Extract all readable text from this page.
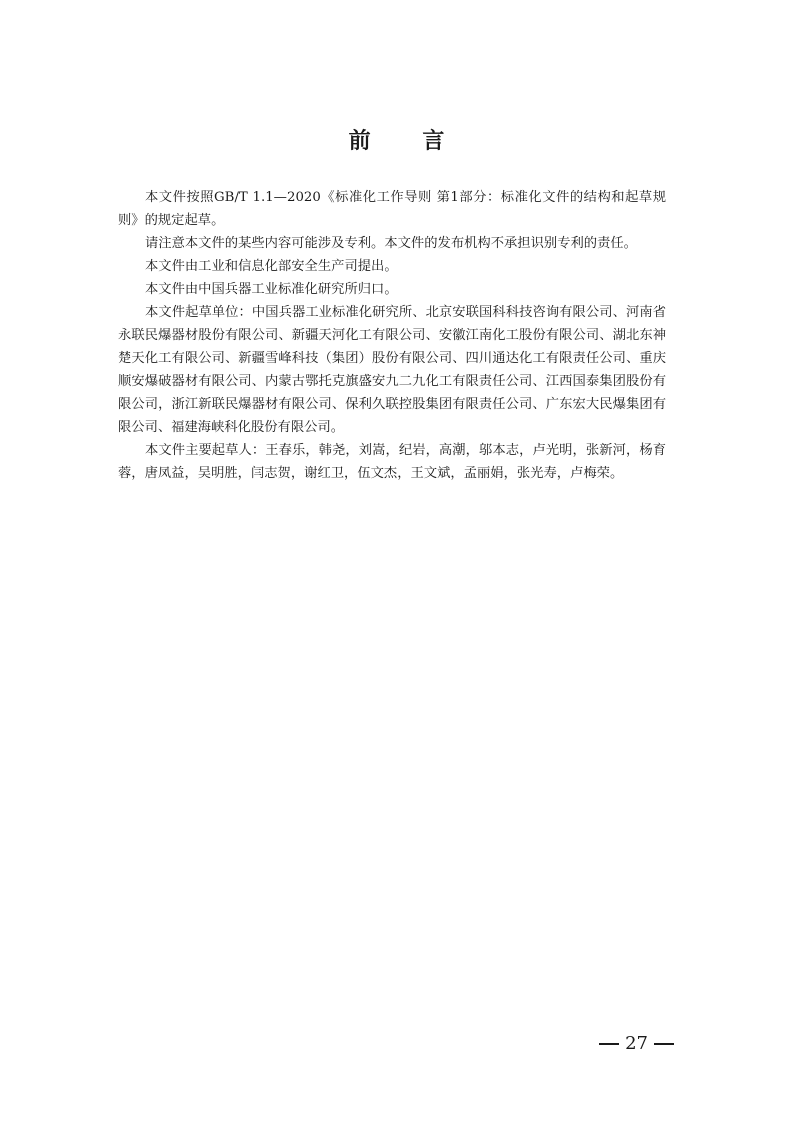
前 言

本文件按照GB/T 1.1—2020《标准化工作导则 第1部分：标准化文件的结构和起草规则》的规定起草。

请注意本文件的某些内容可能涉及专利。本文件的发布机构不承担识别专利的责任。

本文件由工业和信息化部安全生产司提出。

本文件由中国兵器工业标准化研究所归口。

本文件起草单位：中国兵器工业标准化研究所、北京安联国科科技咨询有限公司、河南省永联民爆器材股份有限公司、新疆天河化工有限公司、安徽江南化工股份有限公司、湖北东神楚天化工有限公司、新疆雪峰科技（集团）股份有限公司、四川通达化工有限责任公司、重庆顺安爆破器材有限公司、内蒙古鄂托克旗盛安九二九化工有限责任公司、江西国泰集团股份有限公司，浙江新联民爆器材有限公司、保利久联控股集团有限责任公司、广东宏大民爆集团有限公司、福建海峡科化股份有限公司。

本文件主要起草人：王春乐，韩尧，刘嵩，纪岩，高潮，邬本志，卢光明，张新河，杨育蓉，唐凤益，吴明胜，闫志贺，谢红卫，伍文杰，王文斌，孟丽娟，张光寿，卢梅荣。

27
